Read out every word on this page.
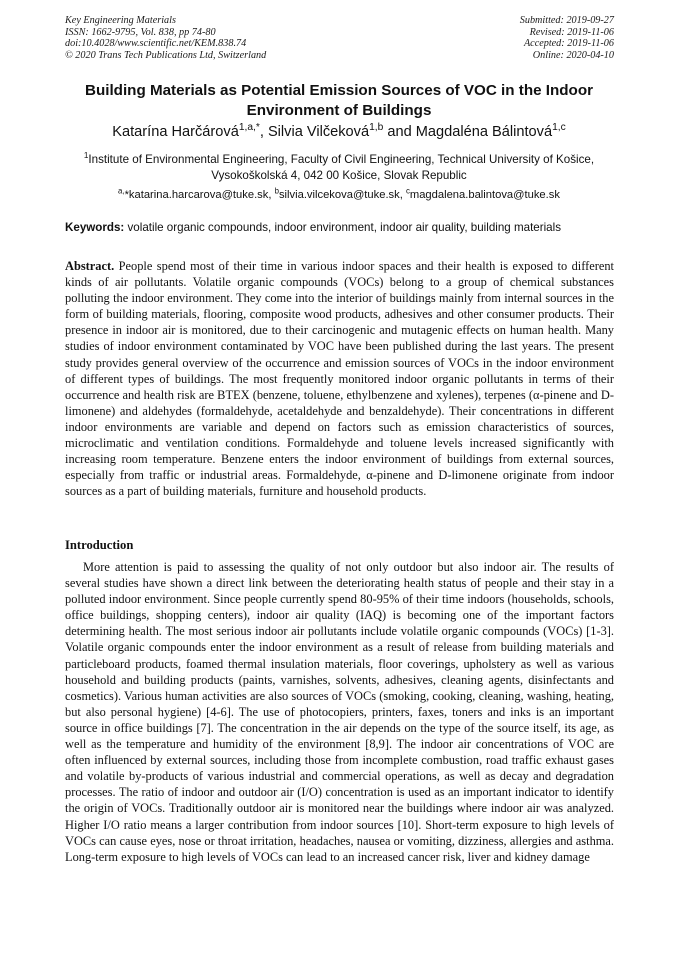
Key Engineering Materials
ISSN: 1662-9795, Vol. 838, pp 74-80
doi:10.4028/www.scientific.net/KEM.838.74
© 2020 Trans Tech Publications Ltd, Switzerland
Submitted: 2019-09-27
Revised: 2019-11-06
Accepted: 2019-11-06
Online: 2020-04-10
Building Materials as Potential Emission Sources of VOC in the Indoor Environment of Buildings
Katarína Harčárová$^{1,a,*}$, Silvia Vilčeková$^{1,b}$ and Magdaléna Bálintová$^{1,c}$
$^1$Institute of Environmental Engineering, Faculty of Civil Engineering, Technical University of Košice, Vysokoškolská 4, 042 00 Košice, Slovak Republic
$^{a,}$*katarina.harcarova@tuke.sk, $^b$silvia.vilcekova@tuke.sk, $^c$magdalena.balintova@tuke.sk
Keywords: volatile organic compounds, indoor environment, indoor air quality, building materials

Abstract. People spend most of their time in various indoor spaces and their health is exposed to different kinds of air pollutants. Volatile organic compounds (VOCs) belong to a group of chemical substances polluting the indoor environment. They come into the interior of buildings mainly from internal sources in the form of building materials, flooring, composite wood products, adhesives and other consumer products. Their presence in indoor air is monitored, due to their carcinogenic and mutagenic effects on human health. Many studies of indoor environment contaminated by VOC have been published during the last years. The present study provides general overview of the occurrence and emission sources of VOCs in the indoor environment of different types of buildings. The most frequently monitored indoor organic pollutants in terms of their occurrence and health risk are BTEX (benzene, toluene, ethylbenzene and xylenes), terpenes (α-pinene and D-limonene) and aldehydes (formaldehyde, acetaldehyde and benzaldehyde). Their concentrations in different indoor environments are variable and depend on factors such as emission characteristics of sources, microclimatic and ventilation conditions. Formaldehyde and toluene levels increased significantly with increasing room temperature. Benzene enters the indoor environment of buildings from external sources, especially from traffic or industrial areas. Formaldehyde, α-pinene and D-limonene originate from indoor sources as a part of building materials, furniture and household products.

Introduction

More attention is paid to assessing the quality of not only outdoor but also indoor air. The results of several studies have shown a direct link between the deteriorating health status of people and their stay in a polluted indoor environment. Since people currently spend 80-95% of their time indoors (households, schools, office buildings, shopping centers), indoor air quality (IAQ) is becoming one of the important factors determining health. The most serious indoor air pollutants include volatile organic compounds (VOCs) [1-3]. Volatile organic compounds enter the indoor environment as a result of release from building materials and particleboard products, foamed thermal insulation materials, floor coverings, upholstery as well as various household and building products (paints, varnishes, solvents, adhesives, cleaning agents, disinfectants and cosmetics). Various human activities are also sources of VOCs (smoking, cooking, cleaning, washing, heating, but also personal hygiene) [4-6]. The use of photocopiers, printers, faxes, toners and inks is an important source in office buildings [7]. The concentration in the air depends on the type of the source itself, its age, as well as the temperature and humidity of the environment [8,9]. The indoor air concentrations of VOC are often influenced by external sources, including those from incomplete combustion, road traffic exhaust gases and volatile by-products of various industrial and commercial operations, as well as decay and degradation processes. The ratio of indoor and outdoor air (I/O) concentration is used as an important indicator to identify the origin of VOCs. Traditionally outdoor air is monitored near the buildings where indoor air was analyzed. Higher I/O ratio means a larger contribution from indoor sources [10]. Short-term exposure to high levels of VOCs can cause eyes, nose or throat irritation, headaches, nausea or vomiting, dizziness, allergies and asthma. Long-term exposure to high levels of VOCs can lead to an increased cancer risk, liver and kidney damage
